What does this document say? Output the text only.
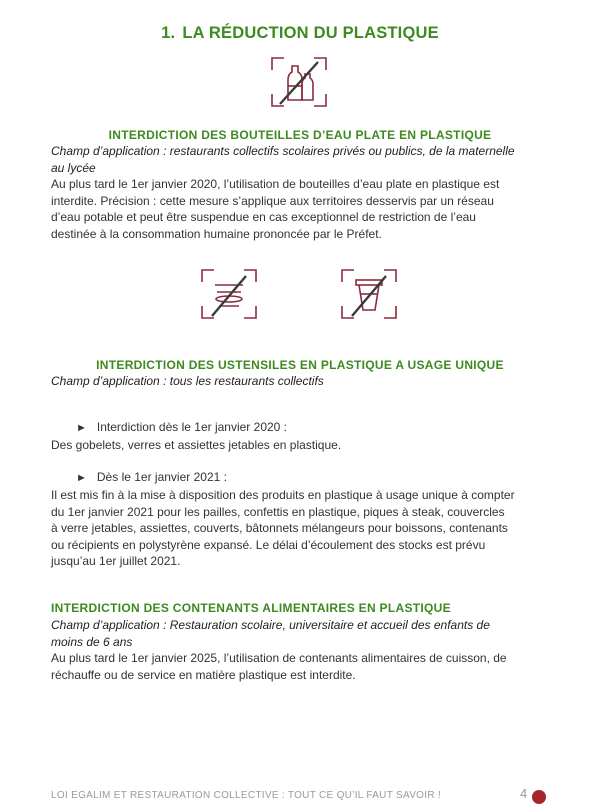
1. LA RÉDUCTION DU PLASTIQUE
INTERDICTION DES BOUTEILLES D’EAU PLATE EN PLASTIQUE
Champ d’application : restaurants collectifs scolaires privés ou publics, de la maternelle
au lycée
Au plus tard le 1er janvier 2020, l’utilisation de bouteilles d’eau plate en plastique est
interdite. Précision : cette mesure s’applique aux territoires desservis par un réseau
d’eau potable et peut être suspendue en cas exceptionnel de restriction de l’eau
destinée à la consommation humaine prononcée par le Préfet.
INTERDICTION DES USTENSILES EN PLASTIQUE A USAGE UNIQUE
Champ d’application : tous les restaurants collectifs
► Interdiction dès le 1er janvier 2020 :
Des gobelets, verres et assiettes jetables en plastique.
► Dès le 1er janvier 2021 :
Il est mis fin à la mise à disposition des produits en plastique à usage unique à compter
du 1er janvier 2021 pour les pailles, confettis en plastique, piques à steak, couvercles
à verre jetables, assiettes, couverts, bâtonnets mélangeurs pour boissons, contenants
ou récipients en polystyrène expansé. Le délai d’écoulement des stocks est prévu
jusqu’au 1er juillet 2021.
INTERDICTION DES CONTENANTS ALIMENTAIRES EN PLASTIQUE
Champ d’application : Restauration scolaire, universitaire et accueil des enfants de
moins de 6 ans
Au plus tard le 1er janvier 2025, l’utilisation de contenants alimentaires de cuisson, de
réchauffe ou de service en matière plastique est interdite.
LOI EGALIM ET RESTAURATION COLLECTIVE : TOUT CE QU’IL FAUT SAVOIR !	4
